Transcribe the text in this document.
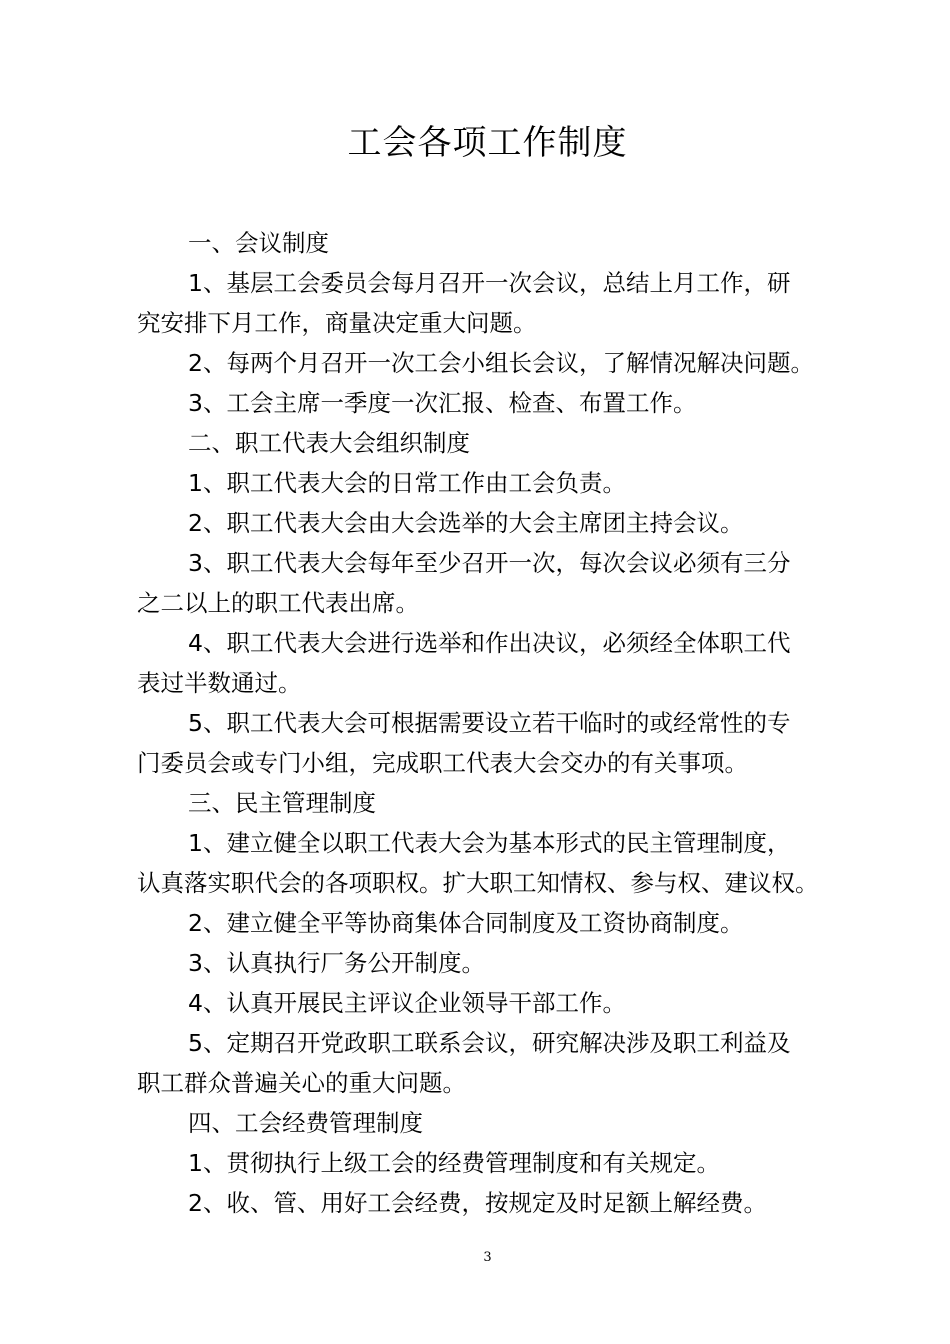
工会各项工作制度
一、会议制度
1、基层工会委员会每月召开一次会议，总结上月工作，研
究安排下月工作，商量决定重大问题。
2、每两个月召开一次工会小组长会议，了解情况解决问题。
3、工会主席一季度一次汇报、检查、布置工作。
二、职工代表大会组织制度
1、职工代表大会的日常工作由工会负责。
2、职工代表大会由大会选举的大会主席团主持会议。
3、职工代表大会每年至少召开一次，每次会议必须有三分
之二以上的职工代表出席。
4、职工代表大会进行选举和作出决议，必须经全体职工代
表过半数通过。
5、职工代表大会可根据需要设立若干临时的或经常性的专
门委员会或专门小组，完成职工代表大会交办的有关事项。
三、民主管理制度
1、建立健全以职工代表大会为基本形式的民主管理制度，
认真落实职代会的各项职权。扩大职工知情权、参与权、建议权。
2、建立健全平等协商集体合同制度及工资协商制度。
3、认真执行厂务公开制度。
4、认真开展民主评议企业领导干部工作。
5、定期召开党政职工联系会议，研究解决涉及职工利益及
职工群众普遍关心的重大问题。
四、工会经费管理制度
1、贯彻执行上级工会的经费管理制度和有关规定。
2、收、管、用好工会经费，按规定及时足额上解经费。
3
